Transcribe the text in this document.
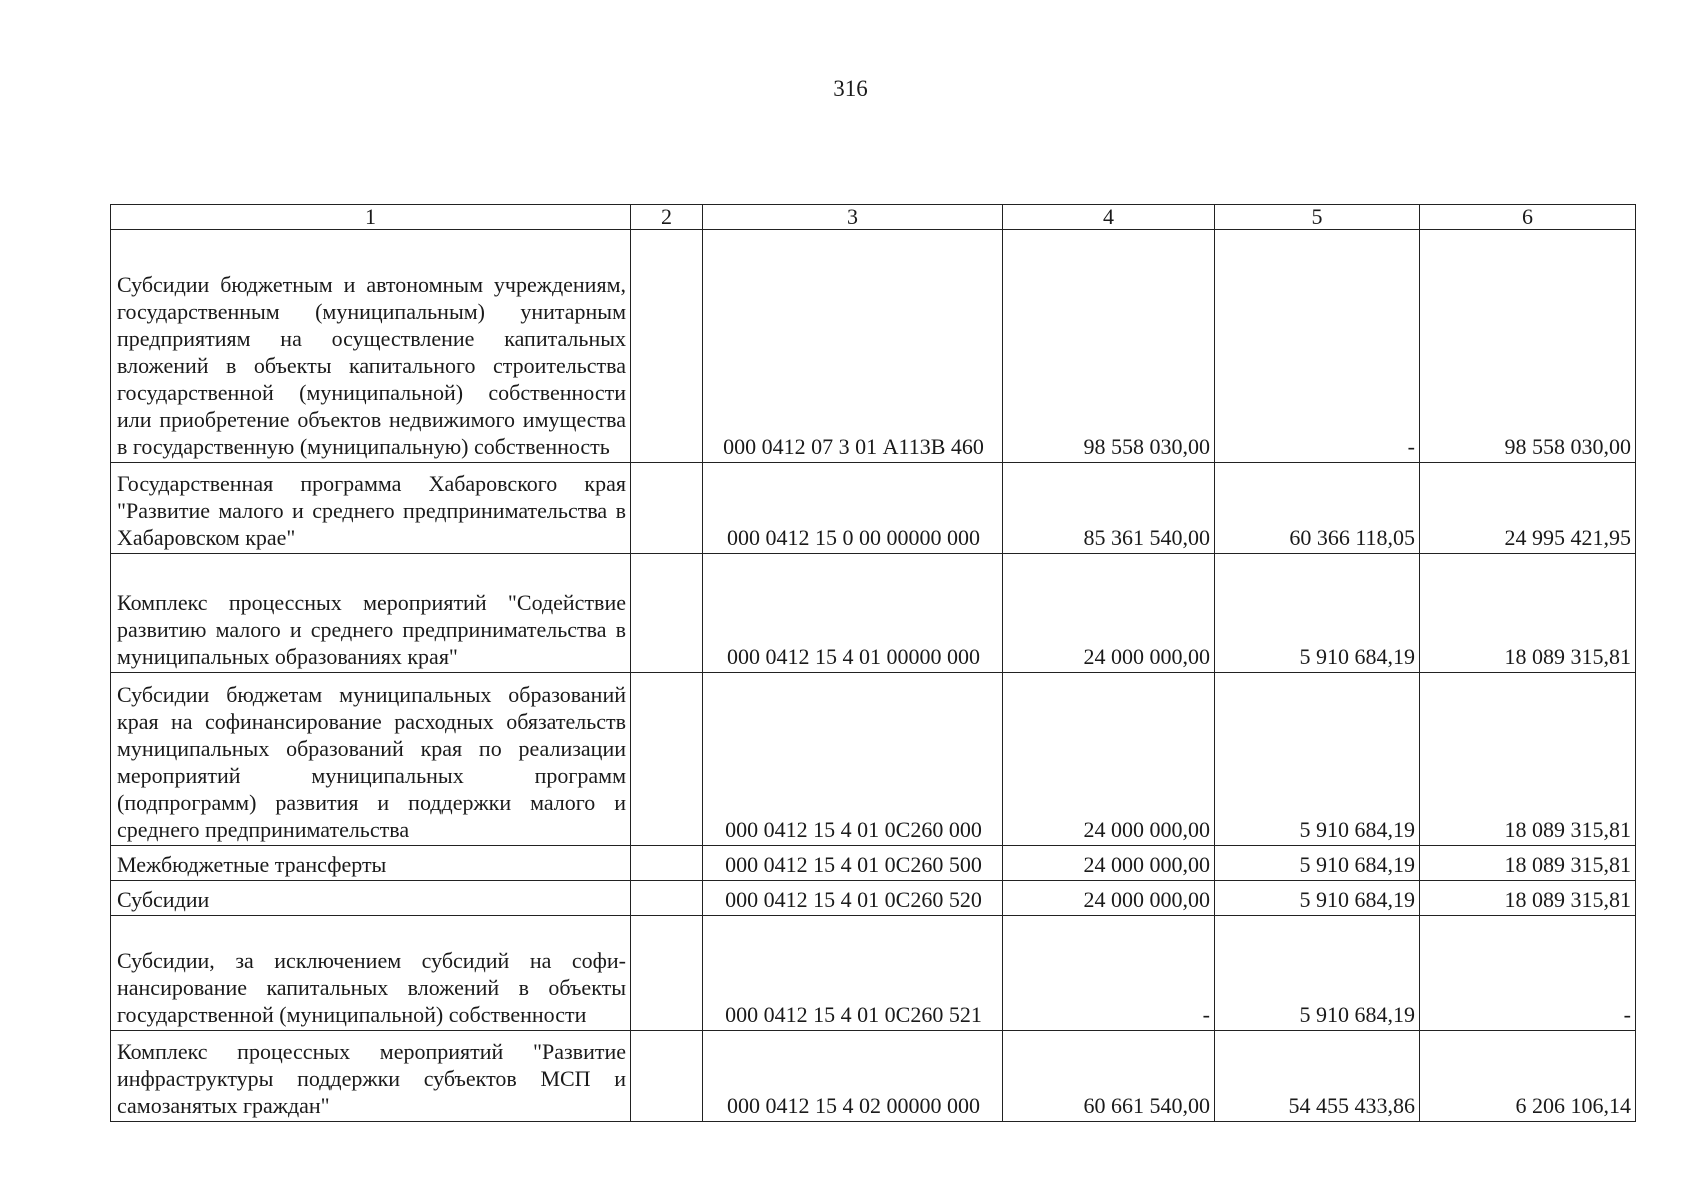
316
1	2	3	4	5	6
Субсидии бюджетным и автономным учреждениям, государственным (муниципальным) унитарным предприятиям на осуществление капитальных вложений в объекты капитального строительства государственной (муниципальной) собственности или приобретение объектов недвижимого имущества в государственную (муниципальную) собственность		000 0412 07 3 01 А113В 460	98 558 030,00	-	98 558 030,00
Государственная программа Хабаровского края "Развитие малого и среднего предпринимательства в Хабаровском крае"		000 0412 15 0 00 00000 000	85 361 540,00	60 366 118,05	24 995 421,95
Комплекс процессных мероприятий "Содействие развитию малого и среднего предпринимательства в муниципальных образованиях края"		000 0412 15 4 01 00000 000	24 000 000,00	5 910 684,19	18 089 315,81
Субсидии бюджетам муниципальных образований края на софинансирование расходных обязательств муниципальных образований края по реализации мероприятий муниципальных программ (подпрограмм) развития и поддержки малого и среднего предпринимательства		000 0412 15 4 01 0С260 000	24 000 000,00	5 910 684,19	18 089 315,81
Межбюджетные трансферты		000 0412 15 4 01 0С260 500	24 000 000,00	5 910 684,19	18 089 315,81
Субсидии		000 0412 15 4 01 0С260 520	24 000 000,00	5 910 684,19	18 089 315,81
Субсидии, за исключением субсидий на софинансирование капитальных вложений в объекты государственной (муниципальной) собственности		000 0412 15 4 01 0С260 521	-	5 910 684,19	-
Комплекс процессных мероприятий "Развитие инфраструктуры поддержки субъектов МСП и самозанятых граждан"		000 0412 15 4 02 00000 000	60 661 540,00	54 455 433,86	6 206 106,14
